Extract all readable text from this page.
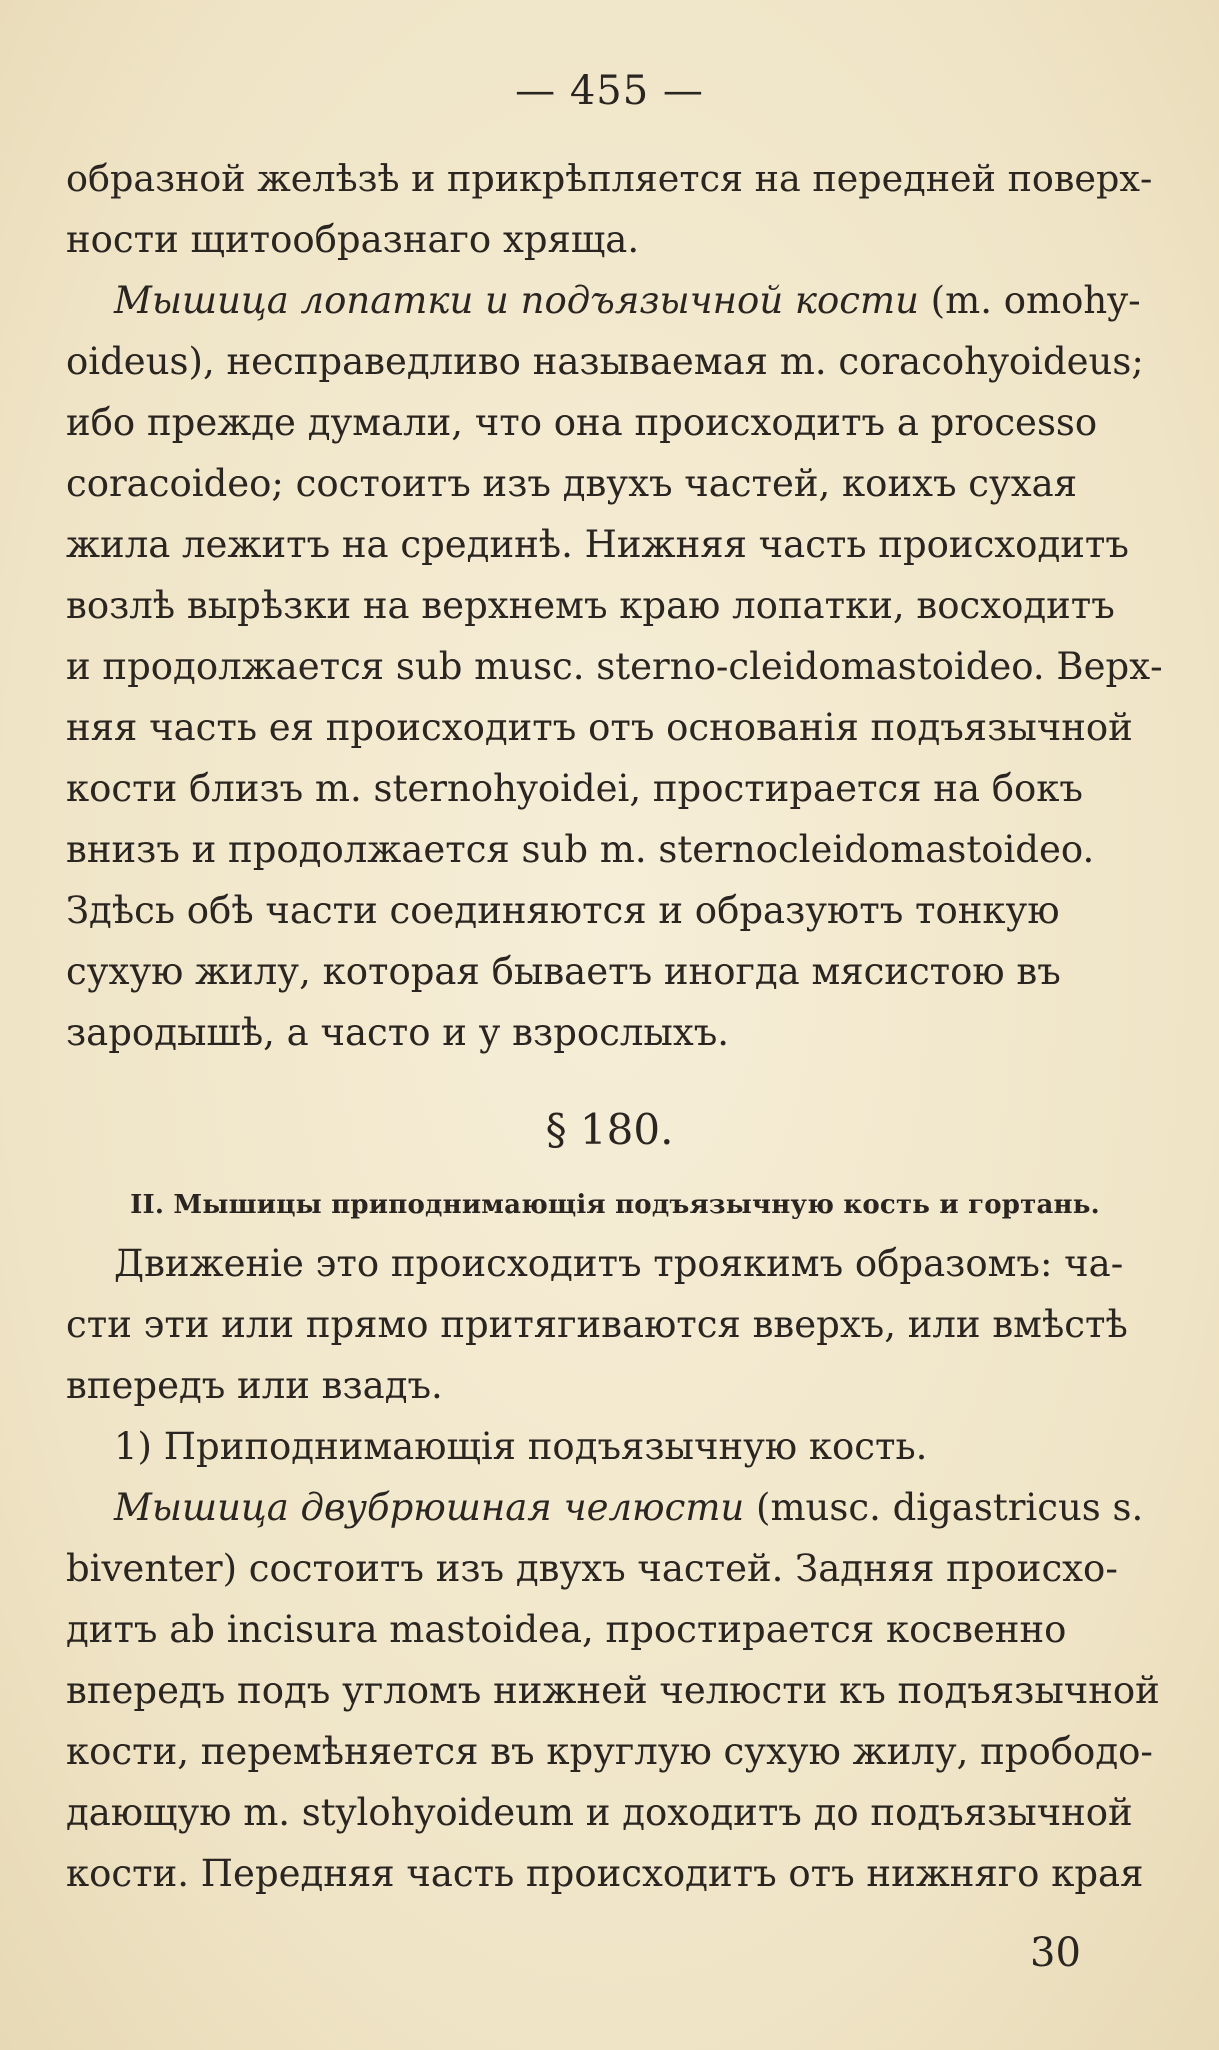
— 455 —
образной желѣзѣ и прикрѣпляется на передней поверх-
ности щитообразнаго хряща.
Мышица лопатки и подъязычной кости (m. omohy-
oideus), несправедливо называемая m. coracohyoideus;
ибо прежде думали, что она происходитъ a processo
coracoideo; состоитъ изъ двухъ частей, коихъ сухая
жила лежитъ на срединѣ. Нижняя часть происходитъ
возлѣ вырѣзки на верхнемъ краю лопатки, восходитъ
и продолжается sub musc. sterno-cleidomastoideo. Верх-
няя часть ея происходитъ отъ основанія подъязычной
кости близъ m. sternohyoidei, простирается на бокъ
внизъ и продолжается sub m. sternocleidomastoideo.
Здѣсь обѣ части соединяются и образуютъ тонкую
сухую жилу, которая бываетъ иногда мясистою въ
зародышѣ, а часто и у взрослыхъ.
§ 180.
II. Мышицы приподнимающія подъязычную кость и гортань.
Движеніе это происходитъ троякимъ образомъ: ча-
сти эти или прямо притягиваются вверхъ, или вмѣстѣ
впередъ или взадъ.
1) Приподнимающія подъязычную кость.
Мышица двубрюшная челюсти (musc. digastricus s.
biventer) состоитъ изъ двухъ частей. Задняя происхо-
дитъ ab incisura mastoidea, простирается косвенно
впередъ подъ угломъ нижней челюсти къ подъязычной
кости, перемѣняется въ круглую сухую жилу, прободо-
дающую m. stylohyoideum и доходитъ до подъязычной
кости. Передняя часть происходитъ отъ нижняго края
30
